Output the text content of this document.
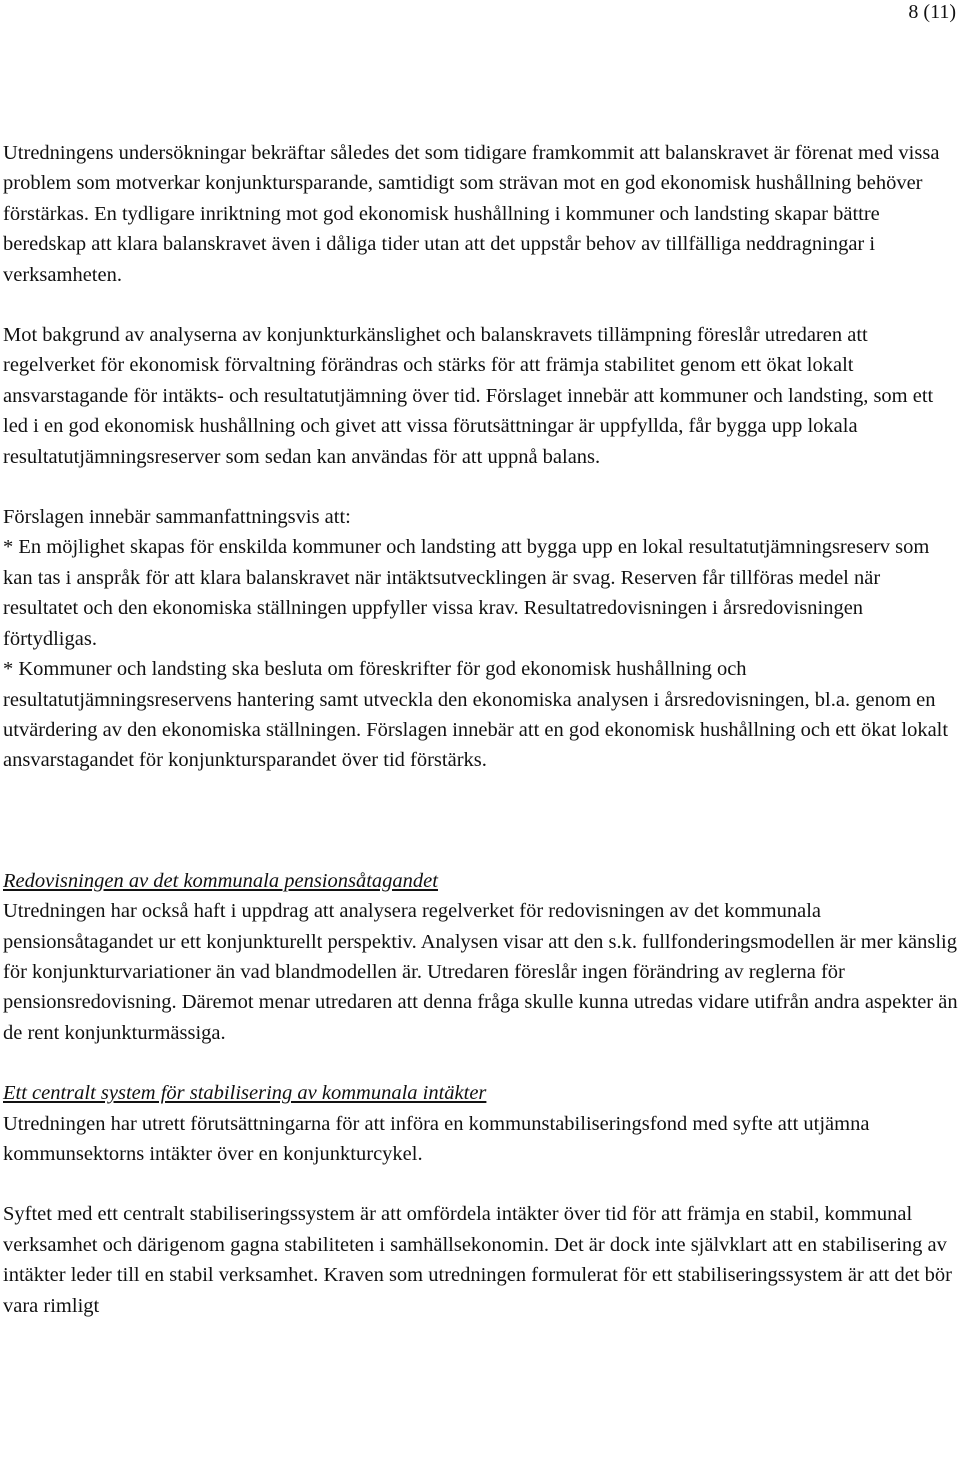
8 (11)

Utredningens undersökningar bekräftar således det som tidigare framkommit att balanskravet är förenat med vissa problem som motverkar konjunktursparande, samtidigt som strävan mot en god ekonomisk hushållning behöver förstärkas. En tydligare inriktning mot god ekonomisk hushållning i kommuner och landsting skapar bättre beredskap att klara balanskravet även i dåliga tider utan att det uppstår behov av tillfälliga neddragningar i verksamheten.

Mot bakgrund av analyserna av konjunkturkänslighet och balanskravets tillämpning föreslår utredaren att regelverket för ekonomisk förvaltning förändras och stärks för att främja stabilitet genom ett ökat lokalt ansvarstagande för intäkts- och resultatutjämning över tid. Förslaget innebär att kommuner och landsting, som ett led i en god ekonomisk hushållning och givet att vissa förutsättningar är uppfyllda, får bygga upp lokala resultatutjämningsreserver som sedan kan användas för att uppnå balans.

Förslagen innebär sammanfattningsvis att:

* En möjlighet skapas för enskilda kommuner och landsting att bygga upp en lokal resultatutjämningsreserv som kan tas i anspråk för att klara balanskravet när intäktsutvecklingen är svag. Reserven får tillföras medel när resultatet och den ekonomiska ställningen uppfyller vissa krav. Resultatredovisningen i årsredovisningen förtydligas.

* Kommuner och landsting ska besluta om föreskrifter för god ekonomisk hushållning och resultatutjämningsreservens hantering samt utveckla den ekonomiska analysen i årsredovisningen, bl.a. genom en utvärdering av den ekonomiska ställningen. Förslagen innebär att en god ekonomisk hushållning och ett ökat lokalt ansvarstagandet för konjunktursparandet över tid förstärks.

Redovisningen av det kommunala pensionsåtagandet

Utredningen har också haft i uppdrag att analysera regelverket för redovisningen av det kommunala pensionsåtagandet ur ett konjunkturellt perspektiv. Analysen visar att den s.k. fullfonderingsmodellen är mer känslig för konjunkturvariationer än vad blandmodellen är. Utredaren föreslår ingen förändring av reglerna för pensionsredovisning. Däremot menar utredaren att denna fråga skulle kunna utredas vidare utifrån andra aspekter än de rent konjunkturmässiga.

Ett centralt system för stabilisering av kommunala intäkter

Utredningen har utrett förutsättningarna för att införa en kommunstabiliseringsfond med syfte att utjämna kommunsektorns intäkter över en konjunkturcykel.

Syftet med ett centralt stabiliseringssystem är att omfördela intäkter över tid för att främja en stabil, kommunal verksamhet och därigenom gagna stabiliteten i samhällsekonomin. Det är dock inte självklart att en stabilisering av intäkter leder till en stabil verksamhet. Kraven som utredningen formulerat för ett stabiliseringssystem är att det bör vara rimligt
